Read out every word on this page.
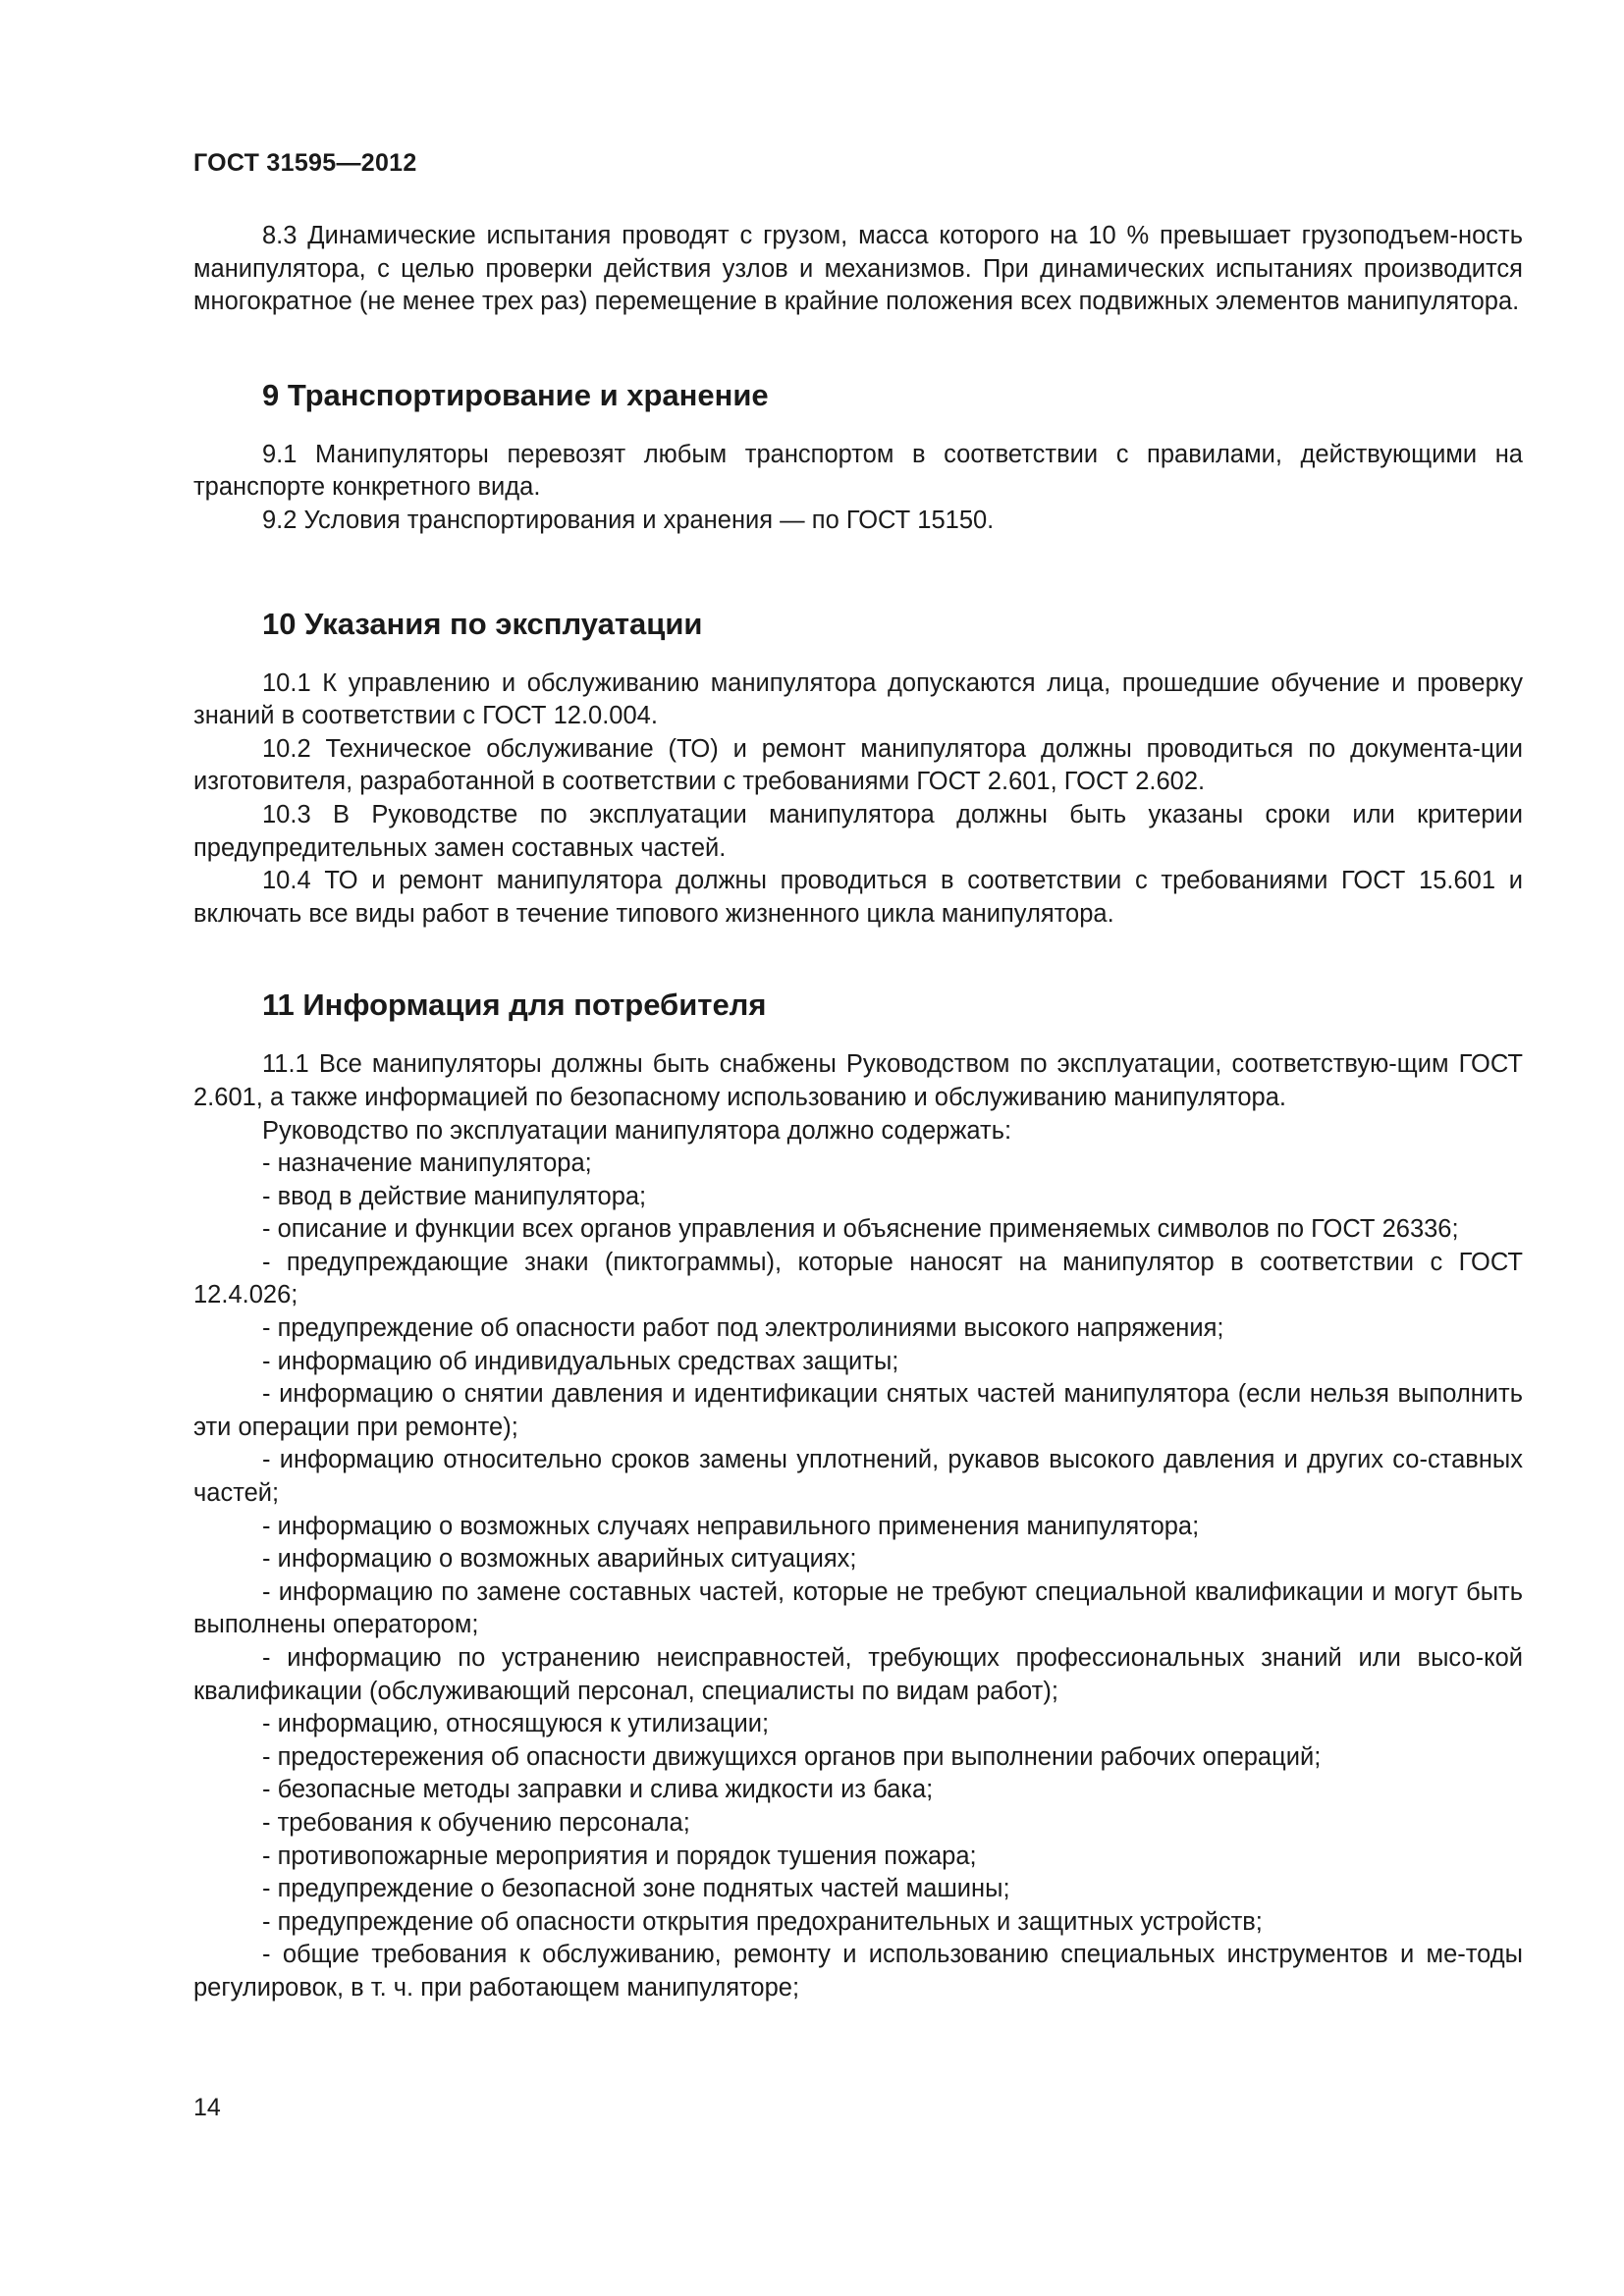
ГОСТ 31595—2012

8.3 Динамические испытания проводят с грузом, масса которого на 10 % превышает грузоподъем-ность манипулятора, с целью проверки действия узлов и механизмов. При динамических испытаниях производится многократное (не менее трех раз) перемещение в крайние положения всех подвижных элементов манипулятора.

9 Транспортирование и хранение

9.1 Манипуляторы перевозят любым транспортом в соответствии с правилами, действующими на транспорте конкретного вида.

9.2 Условия транспортирования и хранения — по ГОСТ 15150.

10 Указания по эксплуатации

10.1 К управлению и обслуживанию манипулятора допускаются лица, прошедшие обучение и проверку знаний в соответствии с ГОСТ 12.0.004.

10.2 Техническое обслуживание (ТО) и ремонт манипулятора должны проводиться по документа-ции изготовителя, разработанной в соответствии с требованиями ГОСТ 2.601, ГОСТ 2.602.

10.3 В Руководстве по эксплуатации манипулятора должны быть указаны сроки или критерии предупредительных замен составных частей.

10.4 ТО и ремонт манипулятора должны проводиться в соответствии с требованиями ГОСТ 15.601 и включать все виды работ в течение типового жизненного цикла манипулятора.

11 Информация для потребителя

11.1 Все манипуляторы должны быть снабжены Руководством по эксплуатации, соответствую-щим ГОСТ 2.601, а также информацией по безопасному использованию и обслуживанию манипулятора.

Руководство по эксплуатации манипулятора должно содержать:

- назначение манипулятора;

- ввод в действие манипулятора;

- описание и функции всех органов управления и объяснение применяемых символов по ГОСТ 26336;

- предупреждающие знаки (пиктограммы), которые наносят на манипулятор в соответствии с ГОСТ 12.4.026;

- предупреждение об опасности работ под электролиниями высокого напряжения;

- информацию об индивидуальных средствах защиты;

- информацию о снятии давления и идентификации снятых частей манипулятора (если нельзя выполнить эти операции при ремонте);

- информацию относительно сроков замены уплотнений, рукавов высокого давления и других со-ставных частей;

- информацию о возможных случаях неправильного применения манипулятора;

- информацию о возможных аварийных ситуациях;

- информацию по замене составных частей, которые не требуют специальной квалификации и могут быть выполнены оператором;

- информацию по устранению неисправностей, требующих профессиональных знаний или высо-кой квалификации (обслуживающий персонал, специалисты по видам работ);

- информацию, относящуюся к утилизации;

- предостережения об опасности движущихся органов при выполнении рабочих операций;

- безопасные методы заправки и слива жидкости из бака;

- требования к обучению персонала;

- противопожарные мероприятия и порядок тушения пожара;

- предупреждение о безопасной зоне поднятых частей машины;

- предупреждение об опасности открытия предохранительных и защитных устройств;

- общие требования к обслуживанию, ремонту и использованию специальных инструментов и ме-тоды регулировок, в т. ч. при работающем манипуляторе;

14
